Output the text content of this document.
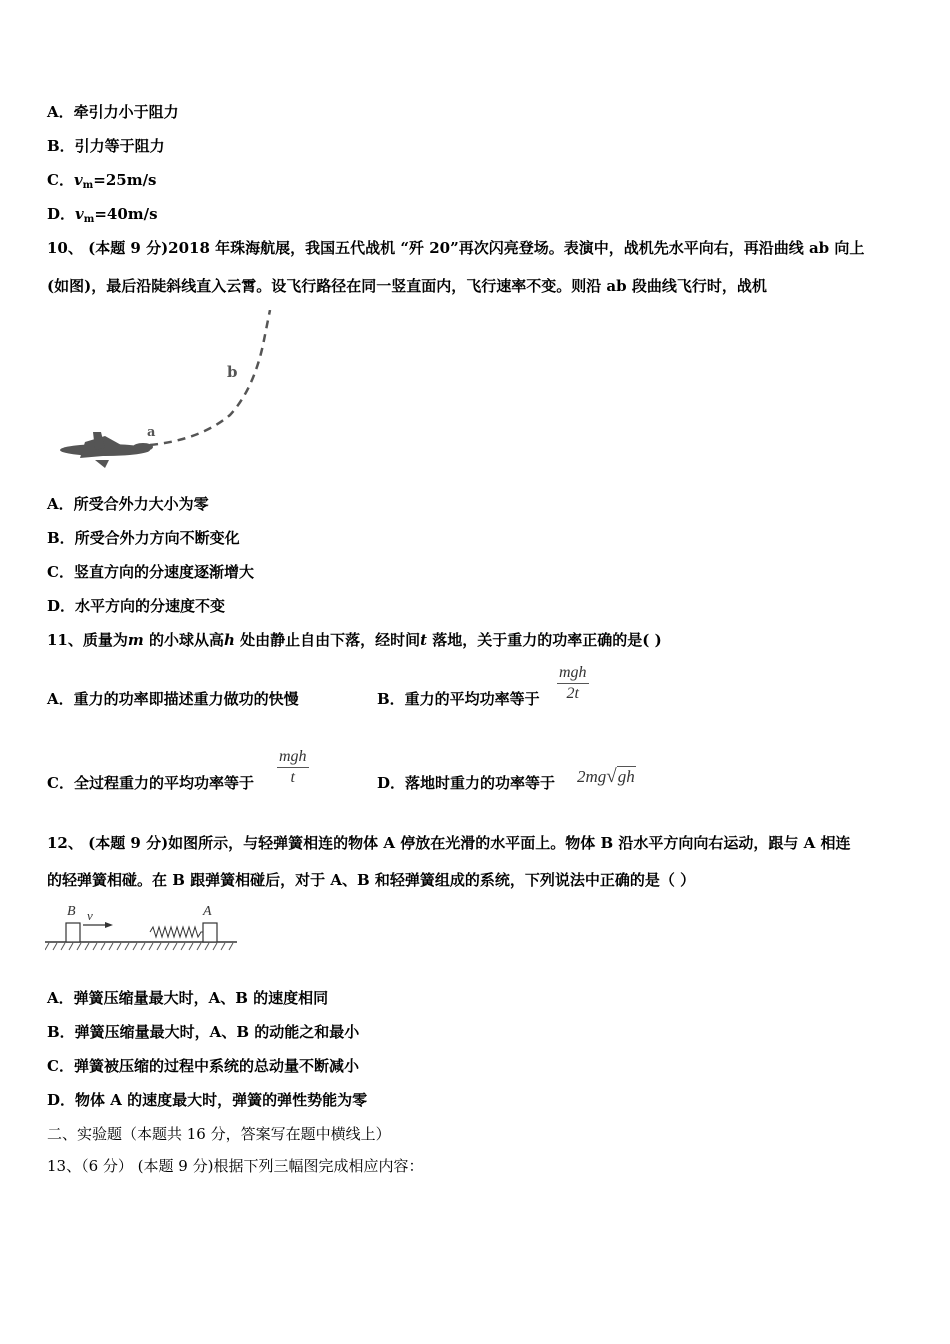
A．牵引力小于阻力
B．引力等于阻力
C．$v_m=25m/s$
D．$v_m=40m/s$
10、 (本题 9 分)2018 年珠海航展，我国五代战机 “歼 20”再次闪亮登场。表演中，战机先水平向右，再沿曲线 ab 向上
(如图)，最后沿陡斜线直入云霄。设飞行路径在同一竖直面内，飞行速率不变。则沿 ab 段曲线飞行时，战机
a
b
A．所受合外力大小为零
B．所受合外力方向不断变化
C．竖直方向的分速度逐渐增大
D．水平方向的分速度不变
11、质量为m 的小球从高h 处由静止自由下落，经时间t 落地，关于重力的功率正确的是( )
A．重力的功率即描述重力做功的快慢	B．重力的平均功率等于
mgh
2t
C．全过程重力的平均功率等于
mgh
t	D．落地时重力的功率等于 2mg√gh
12、 (本题 9 分)如图所示，与轻弹簧相连的物体 A 停放在光滑的水平面上。物体 B 沿水平方向向右运动，跟与 A 相连
的轻弹簧相碰。在 B 跟弹簧相碰后，对于 A、B 和轻弹簧组成的系统，下列说法中正确的是（ ）
B v	A
A．弹簧压缩量最大时，A、B 的速度相同
B．弹簧压缩量最大时，A、B 的动能之和最小
C．弹簧被压缩的过程中系统的总动量不断减小
D．物体 A 的速度最大时，弹簧的弹性势能为零
二、实验题（本题共 16 分，答案写在题中横线上）
13、（6 分） (本题 9 分)根据下列三幅图完成相应内容：
